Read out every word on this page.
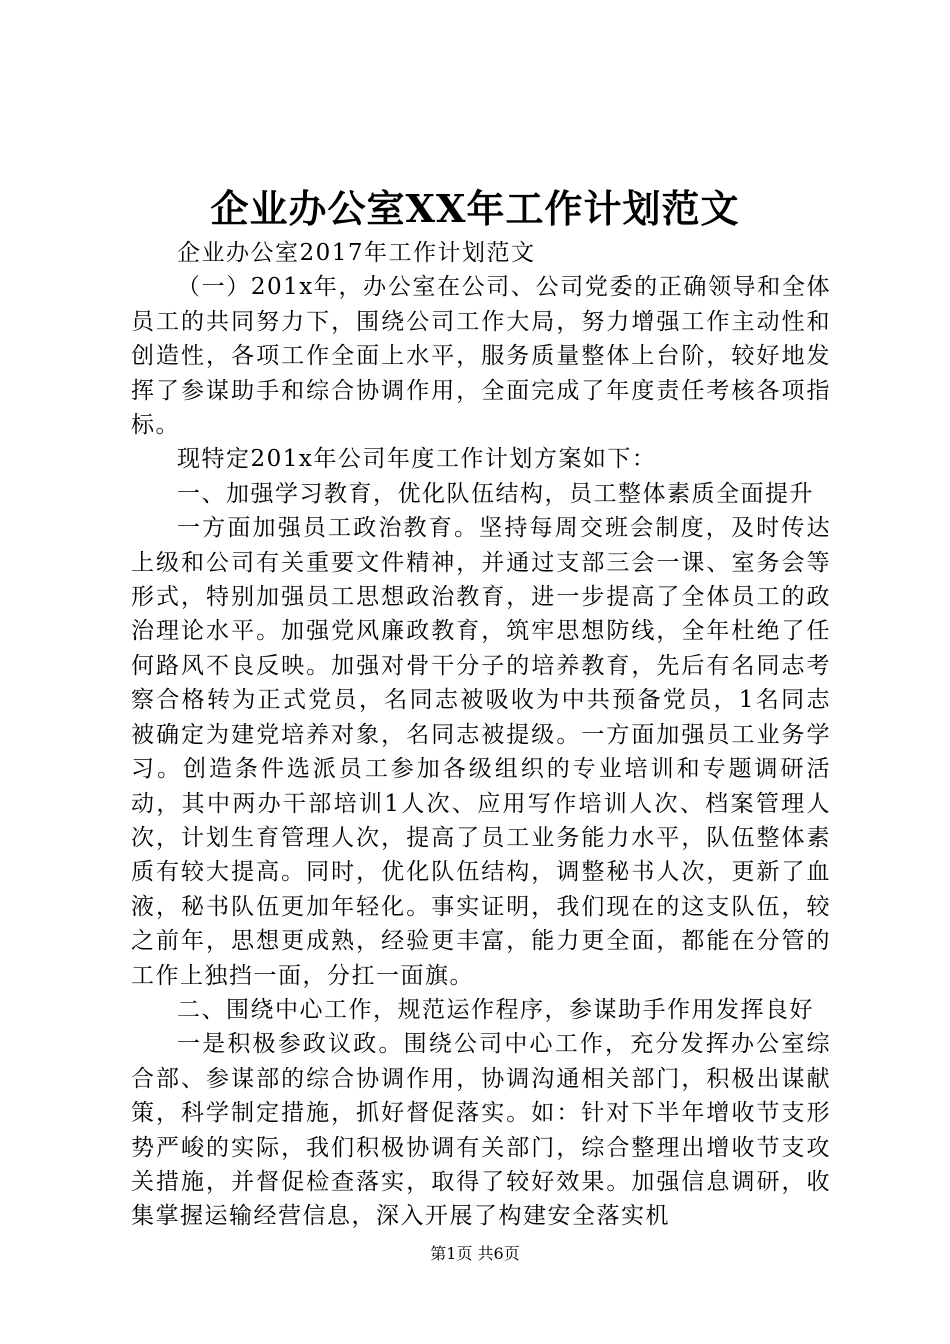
企业办公室XX年工作计划范文

企业办公室2017年工作计划范文

（一）201x年，办公室在公司、公司党委的正确领导和全体员工的共同努力下，围绕公司工作大局，努力增强工作主动性和创造性，各项工作全面上水平，服务质量整体上台阶，较好地发挥了参谋助手和综合协调作用，全面完成了年度责任考核各项指标。

现特定201x年公司年度工作计划方案如下：

一、加强学习教育，优化队伍结构，员工整体素质全面提升

一方面加强员工政治教育。坚持每周交班会制度，及时传达上级和公司有关重要文件精神，并通过支部三会一课、室务会等形式，特别加强员工思想政治教育，进一步提高了全体员工的政治理论水平。加强党风廉政教育，筑牢思想防线，全年杜绝了任何路风不良反映。加强对骨干分子的培养教育，先后有名同志考察合格转为正式党员，名同志被吸收为中共预备党员，1名同志被确定为建党培养对象，名同志被提级。一方面加强员工业务学习。创造条件选派员工参加各级组织的专业培训和专题调研活动，其中两办干部培训1人次、应用写作培训人次、档案管理人次，计划生育管理人次，提高了员工业务能力水平，队伍整体素质有较大提高。同时，优化队伍结构，调整秘书人次，更新了血液，秘书队伍更加年轻化。事实证明，我们现在的这支队伍，较之前年，思想更成熟，经验更丰富，能力更全面，都能在分管的工作上独挡一面，分扛一面旗。

二、围绕中心工作，规范运作程序，参谋助手作用发挥良好

一是积极参政议政。围绕公司中心工作，充分发挥办公室综合部、参谋部的综合协调作用，协调沟通相关部门，积极出谋献策，科学制定措施，抓好督促落实。如：针对下半年增收节支形势严峻的实际，我们积极协调有关部门，综合整理出增收节支攻关措施，并督促检查落实，取得了较好效果。加强信息调研，收集掌握运输经营信息，深入开展了构建安全落实机

第1页 共6页
